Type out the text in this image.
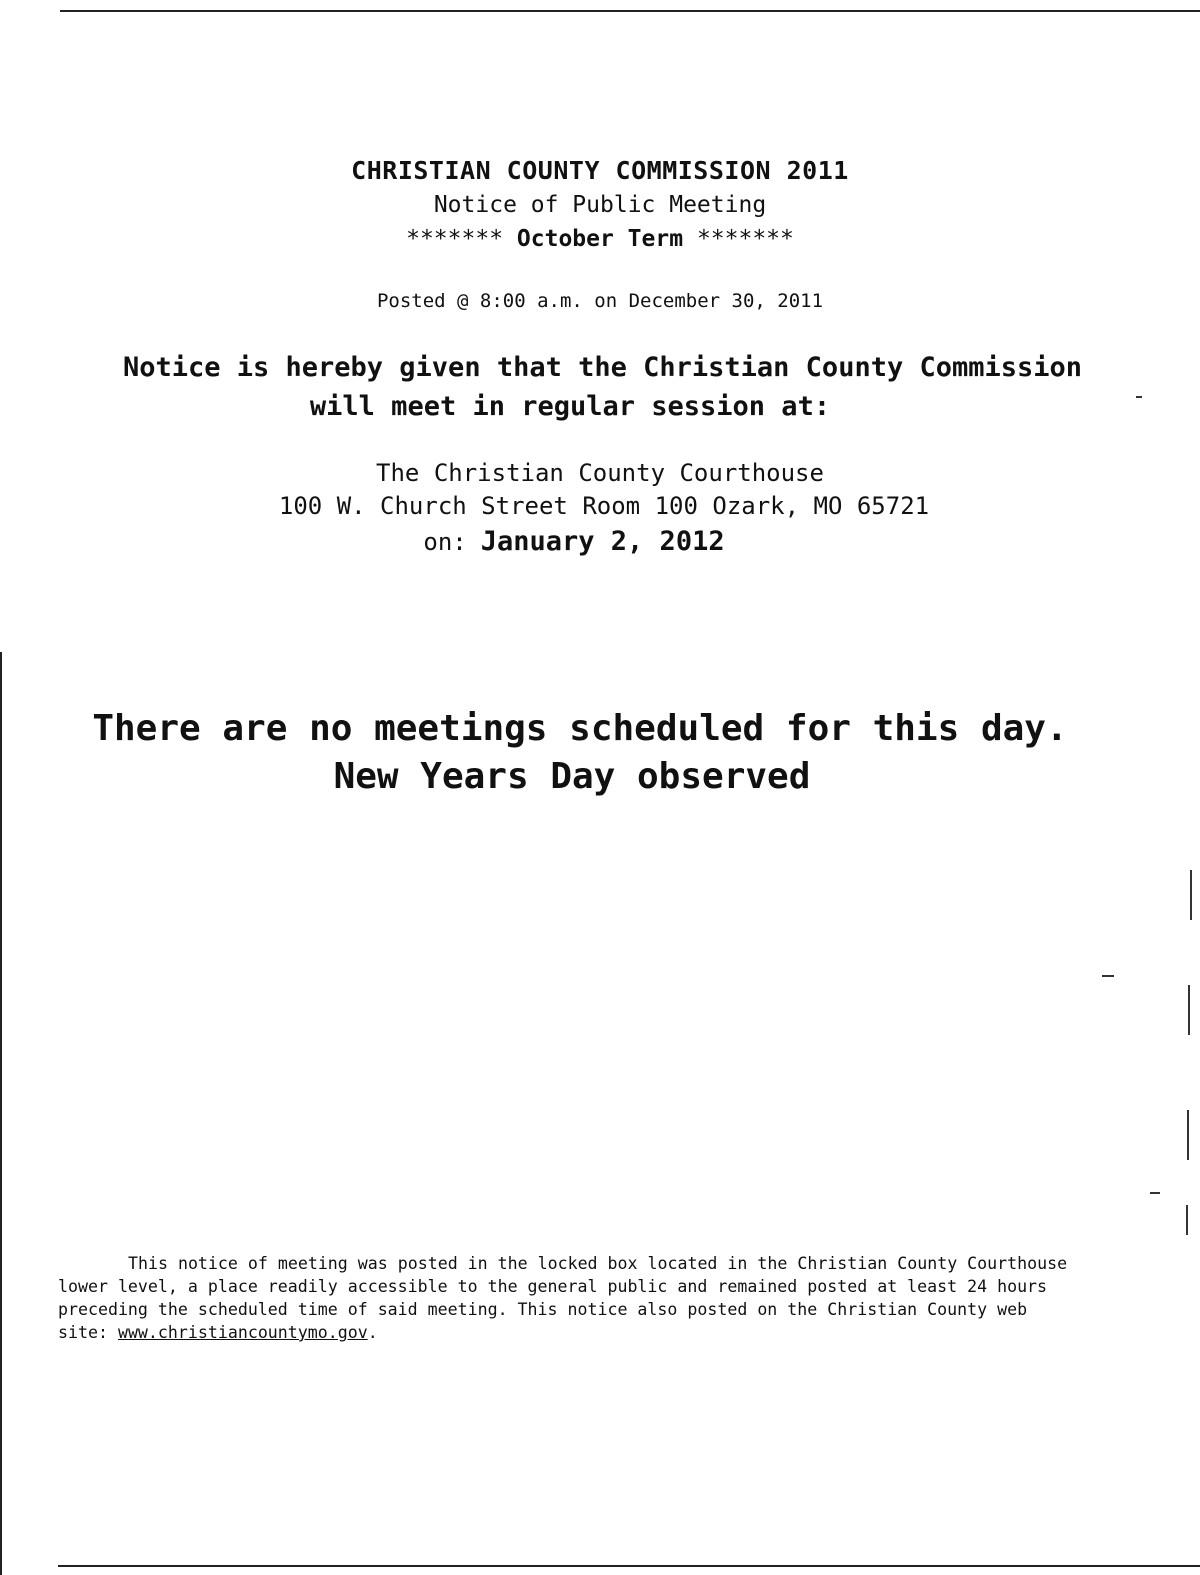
CHRISTIAN COUNTY COMMISSION 2011
Notice of Public Meeting
******* October Term *******
Posted @ 8:00 a.m. on December 30, 2011
Notice is hereby given that the Christian County Commission
will meet in regular session at:
The Christian County Courthouse
100 W. Church Street Room 100 Ozark, MO 65721
on: January 2, 2012
There are no meetings scheduled for this day.
New Years Day observed
This notice of meeting was posted in the locked box located in the Christian County Courthouse
lower level, a place readily accessible to the general public and remained posted at least 24 hours
preceding the scheduled time of said meeting. This notice also posted on the Christian County web
site: www.christiancountymo.gov.
